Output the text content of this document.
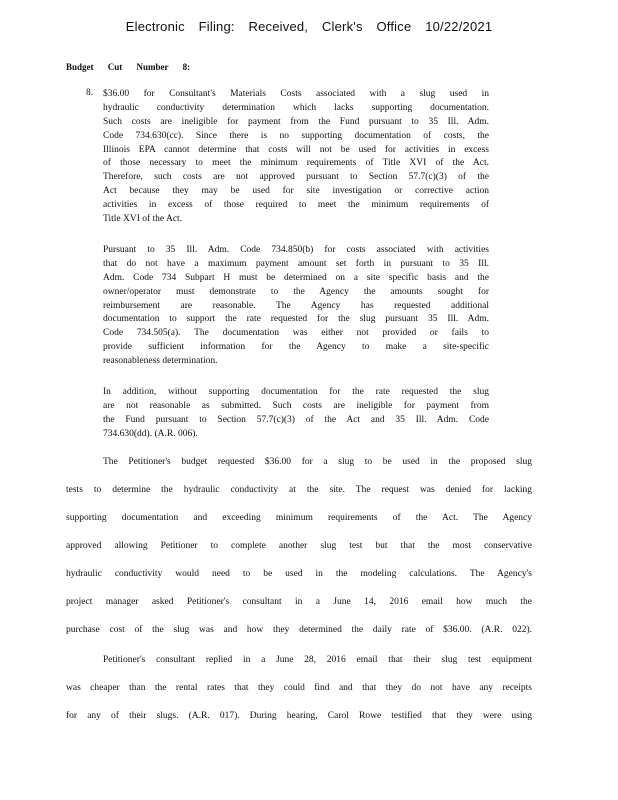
Electronic Filing: Received, Clerk's Office 10/22/2021
Budget Cut Number 8:
8. $36.00 for Consultant's Materials Costs associated with a slug used in
hydraulic conductivity determination which lacks supporting documentation.
Such costs are ineligible for payment from the Fund pursuant to 35 Ill. Adm.
Code 734.630(cc). Since there is no supporting documentation of costs, the
Illinois EPA cannot determine that costs will not be used for activities in excess
of those necessary to meet the minimum requirements of Title XVI of the Act.
Therefore, such costs are not approved pursuant to Section 57.7(c)(3) of the
Act because they may be used for site investigation or corrective action
activities in excess of those required to meet the minimum requirements of
Title XVI of the Act.
Pursuant to 35 Ill. Adm. Code 734.850(b) for costs associated with activities
that do not have a maximum payment amount set forth in pursuant to 35 Ill.
Adm. Code 734 Subpart H must be determined on a site specific basis and the
owner/operator must demonstrate to the Agency the amounts sought for
reimbursement are reasonable. The Agency has requested additional
documentation to support the rate requested for the slug pursuant 35 Ill. Adm.
Code 734.505(a). The documentation was either not provided or fails to
provide sufficient information for the Agency to make a site-specific
reasonableness determination.
In addition, without supporting documentation for the rate requested the slug
are not reasonable as submitted. Such costs are ineligible for payment from
the Fund pursuant to Section 57.7(c)(3) of the Act and 35 Ill. Adm. Code
734.630(dd). (A.R. 006).
The Petitioner's budget requested $36.00 for a slug to be used in the proposed slug
tests to determine the hydraulic conductivity at the site. The request was denied for lacking
supporting documentation and exceeding minimum requirements of the Act. The Agency
approved allowing Petitioner to complete another slug test but that the most conservative
hydraulic conductivity would need to be used in the modeling calculations. The Agency's
project manager asked Petitioner's consultant in a June 14, 2016 email how much the
purchase cost of the slug was and how they determined the daily rate of $36.00. (A.R. 022).
Petitioner's consultant replied in a June 28, 2016 email that their slug test equipment
was cheaper than the rental rates that they could find and that they do not have any receipts
for any of their slugs. (A.R. 017). During hearing, Carol Rowe testified that they were using
